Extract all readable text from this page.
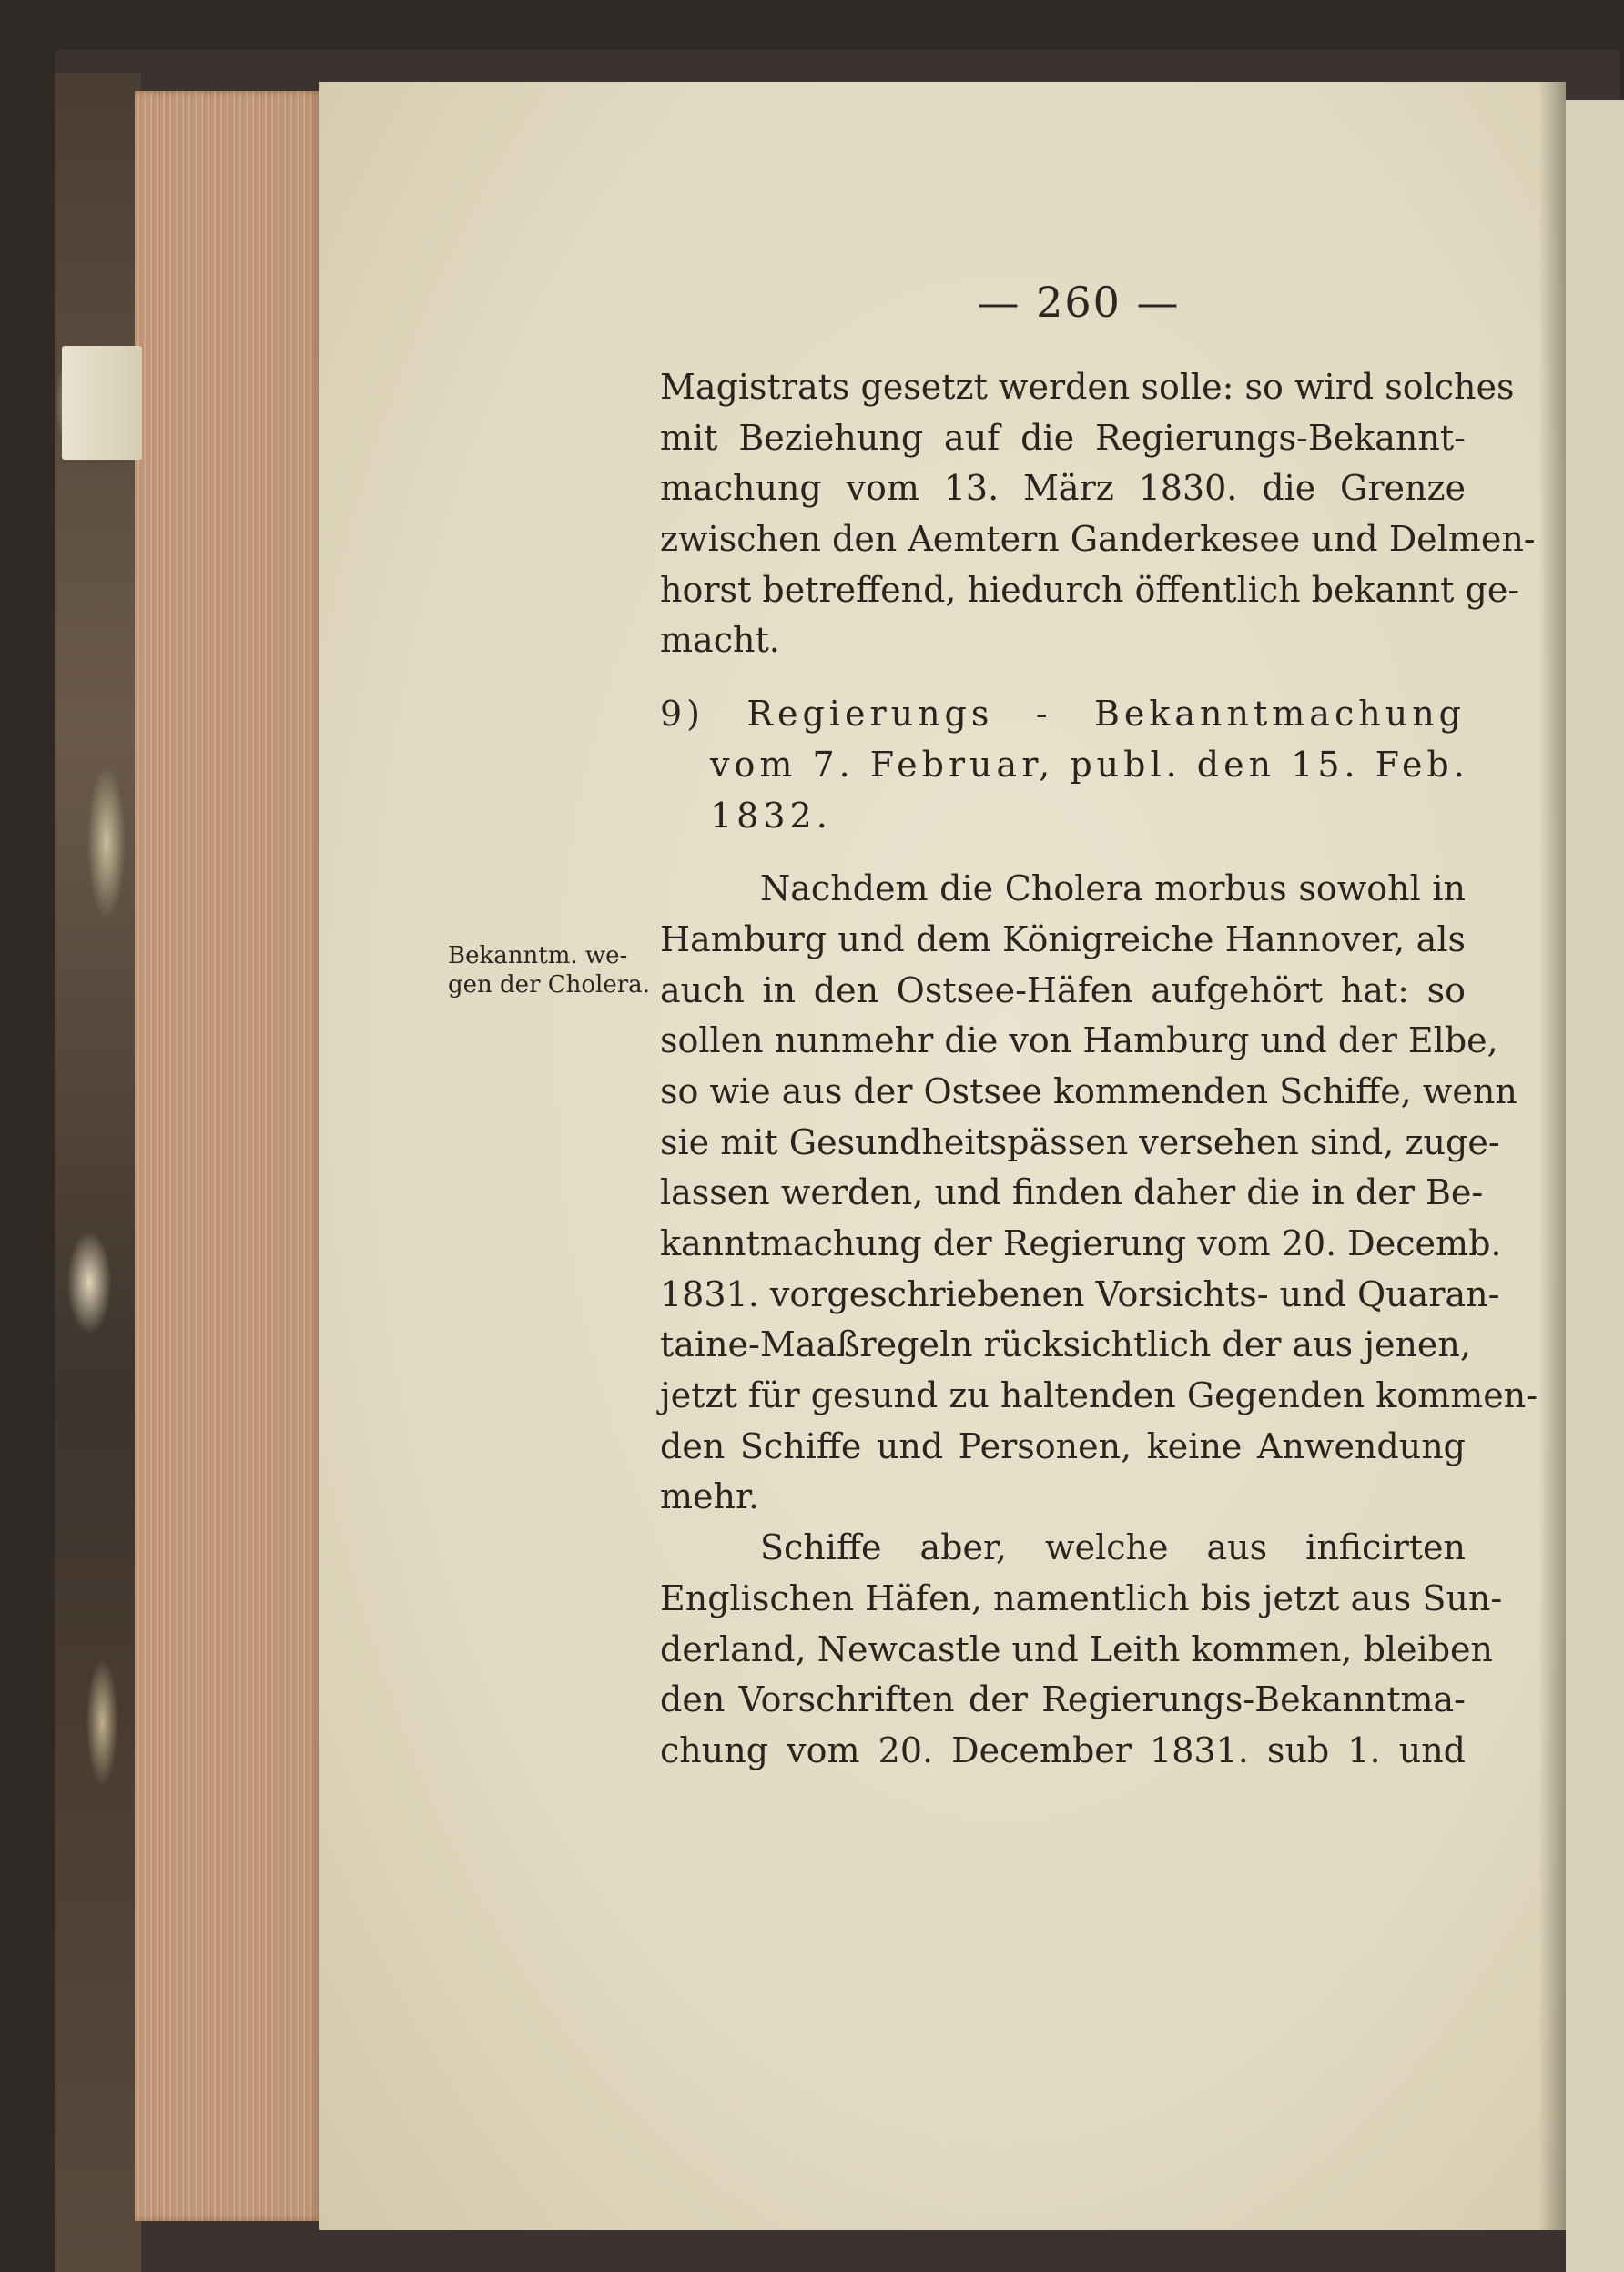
— 260 —
Bekanntm. we-
gen der Cholera.
Magistrats gesetzt werden solle: so wird solches
mit Beziehung auf die Regierungs-Bekannt-
machung vom 13. März 1830. die Grenze
zwischen den Aemtern Ganderkesee und Delmen-
horst betreffend, hiedurch öffentlich bekannt ge-
macht.
9) Regierungs - Bekanntmachung
vom 7. Februar, publ. den 15. Feb.
1832.
Nachdem die Cholera morbus sowohl in
Hamburg und dem Königreiche Hannover, als
auch in den Ostsee-Häfen aufgehört hat: so
sollen nunmehr die von Hamburg und der Elbe,
so wie aus der Ostsee kommenden Schiffe, wenn
sie mit Gesundheitspässen versehen sind, zuge-
lassen werden, und finden daher die in der Be-
kanntmachung der Regierung vom 20. Decemb.
1831. vorgeschriebenen Vorsichts- und Quaran-
taine-Maaßregeln rücksichtlich der aus jenen,
jetzt für gesund zu haltenden Gegenden kommen-
den Schiffe und Personen, keine Anwendung
mehr.
Schiffe aber, welche aus inficirten
Englischen Häfen, namentlich bis jetzt aus Sun-
derland, Newcastle und Leith kommen, bleiben
den Vorschriften der Regierungs-Bekanntma-
chung vom 20. December 1831. sub 1. und
